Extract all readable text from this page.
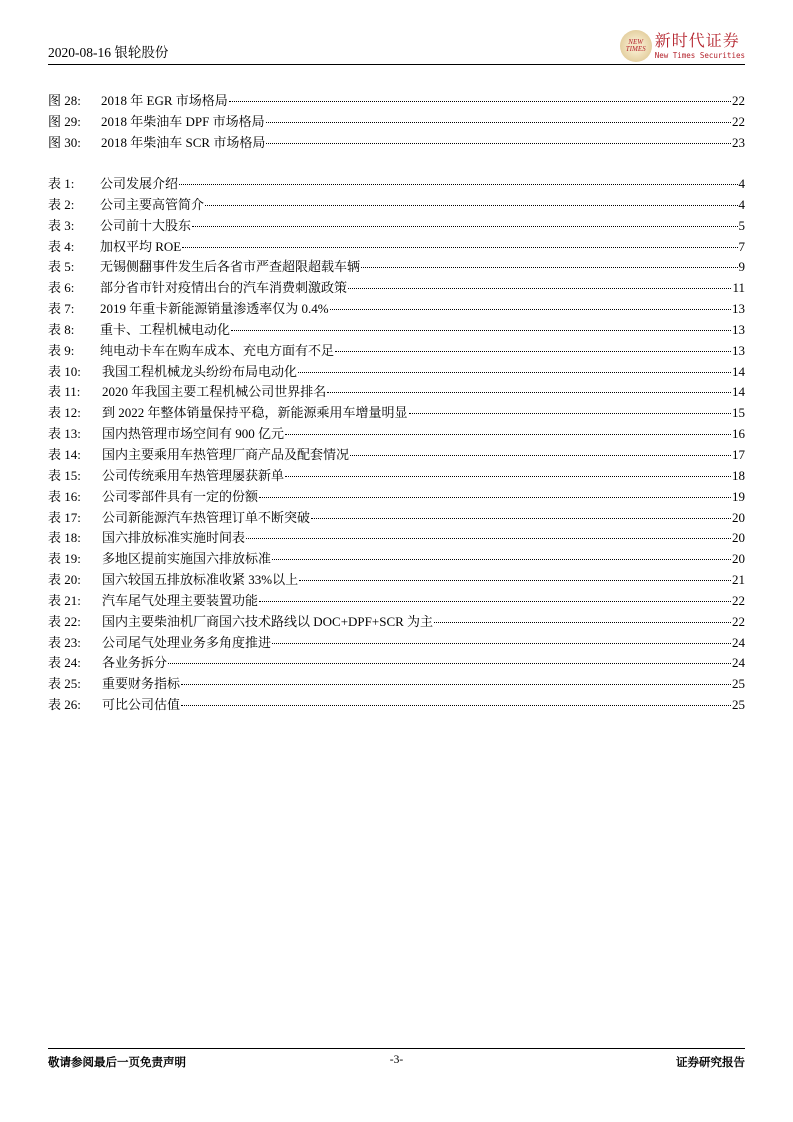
2020-08-16 银轮股份
NEW
TIMES 新时代证券
New Times Securities
图 28:	2018 年 EGR 市场格局	22
图 29:	2018 年柴油车 DPF 市场格局	22
图 30:	2018 年柴油车 SCR 市场格局	23
表 1:	公司发展介绍	4
表 2:	公司主要高管简介	4
表 3:	公司前十大股东	5
表 4:	加权平均 ROE	7
表 5:	无锡侧翻事件发生后各省市严查超限超载车辆	9
表 6:	部分省市针对疫情出台的汽车消费刺激政策	11
表 7:	2019 年重卡新能源销量渗透率仅为 0.4%	13
表 8:	重卡、工程机械电动化	13
表 9:	纯电动卡车在购车成本、充电方面有不足	13
表 10:	我国工程机械龙头纷纷布局电动化	14
表 11:	2020 年我国主要工程机械公司世界排名	14
表 12:	到 2022 年整体销量保持平稳，新能源乘用车增量明显	15
表 13:	国内热管理市场空间有 900 亿元	16
表 14:	国内主要乘用车热管理厂商产品及配套情况	17
表 15:	公司传统乘用车热管理屡获新单	18
表 16:	公司零部件具有一定的份额	19
表 17:	公司新能源汽车热管理订单不断突破	20
表 18:	国六排放标准实施时间表	20
表 19:	多地区提前实施国六排放标准	20
表 20:	国六较国五排放标准收紧 33%以上	21
表 21:	汽车尾气处理主要装置功能	22
表 22:	国内主要柴油机厂商国六技术路线以 DOC+DPF+SCR 为主	22
表 23:	公司尾气处理业务多角度推进	24
表 24:	各业务拆分	24
表 25:	重要财务指标	25
表 26:	可比公司估值	25
敬请参阅最后一页免责声明	-3-	证券研究报告
